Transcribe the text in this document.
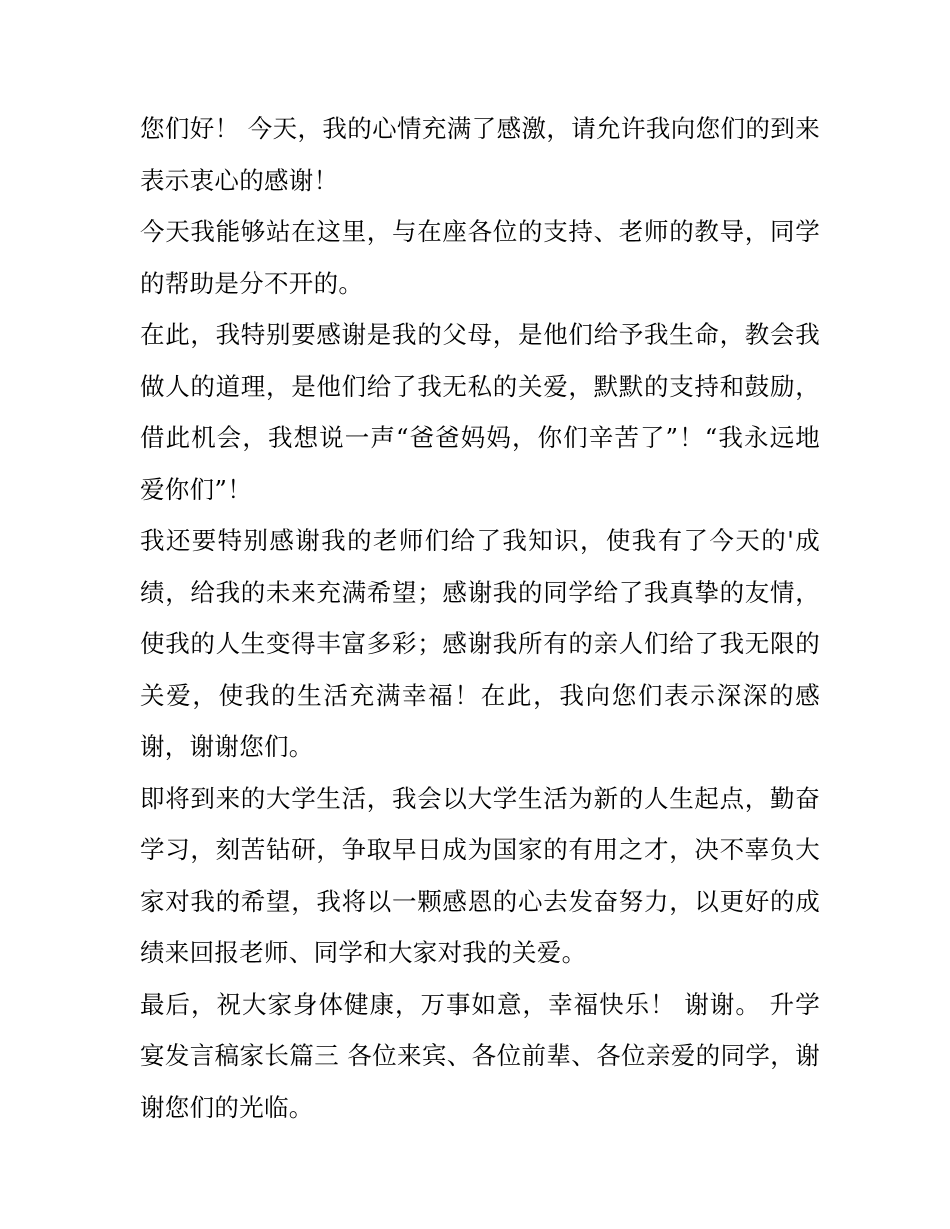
您们好！ 今天，我的心情充满了感激，请允许我向您们的到来表示衷心的感谢！

今天我能够站在这里，与在座各位的支持、老师的教导，同学的帮助是分不开的。

在此，我特别要感谢是我的父母，是他们给予我生命，教会我做人的道理，是他们给了我无私的关爱，默默的支持和鼓励，借此机会，我想说一声“爸爸妈妈，你们辛苦了”！“我永远地爱你们”！

我还要特别感谢我的老师们给了我知识，使我有了今天的'成绩，给我的未来充满希望；感谢我的同学给了我真挚的友情，使我的人生变得丰富多彩；感谢我所有的亲人们给了我无限的关爱，使我的生活充满幸福！在此，我向您们表示深深的感谢，谢谢您们。

即将到来的大学生活，我会以大学生活为新的人生起点，勤奋学习，刻苦钻研，争取早日成为国家的有用之才，决不辜负大家对我的希望，我将以一颗感恩的心去发奋努力，以更好的成绩来回报老师、同学和大家对我的关爱。

最后，祝大家身体健康，万事如意，幸福快乐！ 谢谢。 升学宴发言稿家长篇三 各位来宾、各位前辈、各位亲爱的同学，谢谢您们的光临。
